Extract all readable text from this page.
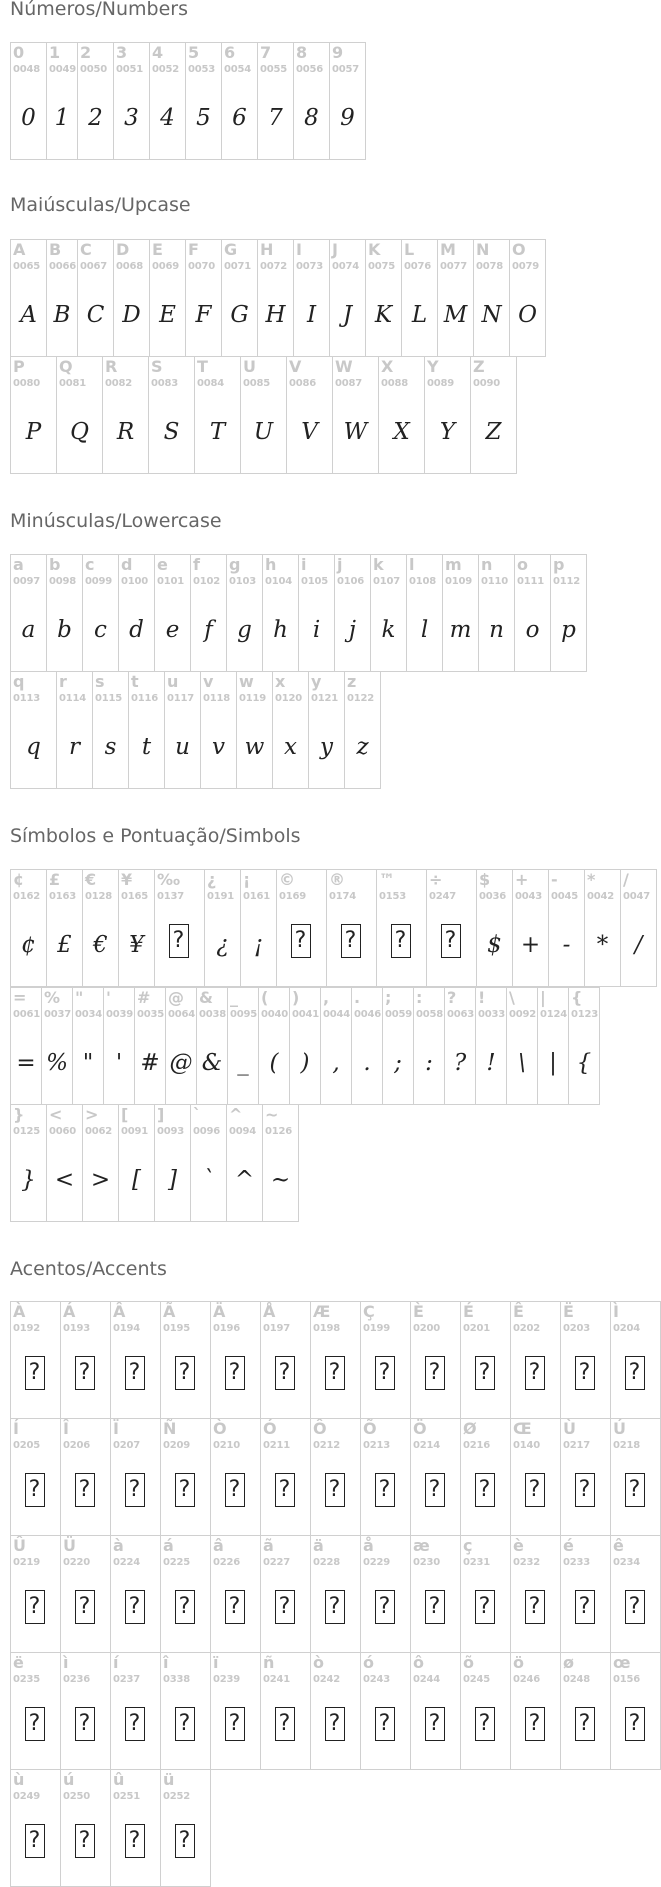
Números/Numbers
0
0048
0
1
0049
1
2
0050
2
3
0051
3
4
0052
4
5
0053
5
6
0054
6
7
0055
7
8
0056
8
9
0057
9
Maiúsculas/Upcase
A
0065
A
B
0066
B
C
0067
C
D
0068
D
E
0069
E
F
0070
F
G
0071
G
H
0072
H
I
0073
I
J
0074
J
K
0075
K
L
0076
L
M
0077
M
N
0078
N
O
0079
O
P
0080
P
Q
0081
Q
R
0082
R
S
0083
S
T
0084
T
U
0085
U
V
0086
V
W
0087
W
X
0088
X
Y
0089
Y
Z
0090
Z
Minúsculas/Lowercase
a
0097
a
b
0098
b
c
0099
c
d
0100
d
e
0101
e
f
0102
f
g
0103
g
h
0104
h
i
0105
i
j
0106
j
k
0107
k
l
0108
l
m
0109
m
n
0110
n
o
0111
o
p
0112
p
q
0113
q
r
0114
r
s
0115
s
t
0116
t
u
0117
u
v
0118
v
w
0119
w
x
0120
x
y
0121
y
z
0122
z
Símbolos e Pontuação/Simbols
¢
0162
¢
£
0163
£
€
0128
€
¥
0165
¥
‰
0137
?
¿
0191
¿
¡
0161
¡
©
0169
?
®
0174
?
™
0153
?
÷
0247
?
$
0036
$
+
0043
+
-
0045
-
*
0042
*
/
0047
/
=
0061
=
%
0037
%
"
0034
"
'
0039
'
#
0035
#
@
0064
@
&
0038
&
_
0095
_
(
0040
(
)
0041
)
,
0044
,
.
0046
.
;
0059
;
:
0058
:
?
0063
?
!
0033
!
\
0092
\
|
0124
|
{
0123
{
}
0125
}
<
0060
<
>
0062
>
[
0091
[
]
0093
]
`
0096
`
^
0094
^
~
0126
~
Acentos/Accents
À
0192
?
Á
0193
?
Â
0194
?
Ã
0195
?
Ä
0196
?
Å
0197
?
Æ
0198
?
Ç
0199
?
È
0200
?
É
0201
?
Ê
0202
?
Ë
0203
?
Ì
0204
?
Í
0205
?
Î
0206
?
Ï
0207
?
Ñ
0209
?
Ò
0210
?
Ó
0211
?
Ô
0212
?
Õ
0213
?
Ö
0214
?
Ø
0216
?
Œ
0140
?
Ù
0217
?
Ú
0218
?
Û
0219
?
Ü
0220
?
à
0224
?
á
0225
?
â
0226
?
ã
0227
?
ä
0228
?
å
0229
?
æ
0230
?
ç
0231
?
è
0232
?
é
0233
?
ê
0234
?
ë
0235
?
ì
0236
?
í
0237
?
î
0338
?
ï
0239
?
ñ
0241
?
ò
0242
?
ó
0243
?
ô
0244
?
õ
0245
?
ö
0246
?
ø
0248
?
œ
0156
?
ù
0249
?
ú
0250
?
û
0251
?
ü
0252
?
